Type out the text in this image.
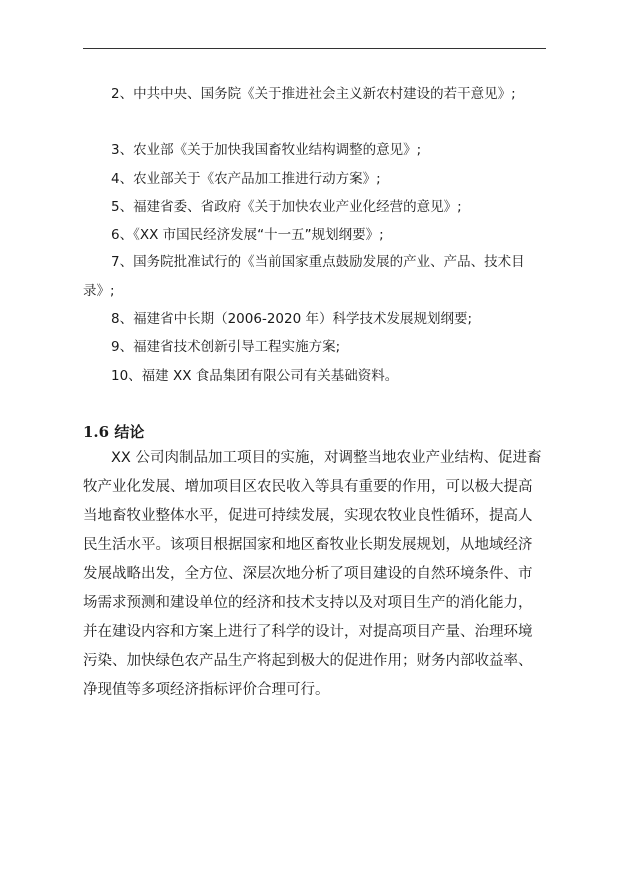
2、中共中央、国务院《关于推进社会主义新农村建设的若干意见》;
3、农业部《关于加快我国畜牧业结构调整的意见》;
4、农业部关于《农产品加工推进行动方案》;
5、福建省委、省政府《关于加快农业产业化经营的意见》;
6、《XX 市国民经济发展“十一五”规划纲要》;
7、国务院批准试行的《当前国家重点鼓励发展的产业、产品、技术目录》;
8、福建省中长期（2006-2020 年）科学技术发展规划纲要;
9、福建省技术创新引导工程实施方案;
10、福建 XX 食品集团有限公司有关基础资料。
1.6 结论
XX 公司肉制品加工项目的实施，对调整当地农业产业结构、促进畜
牧产业化发展、增加项目区农民收入等具有重要的作用，可以极大提高
当地畜牧业整体水平，促进可持续发展，实现农牧业良性循环，提高人
民生活水平。该项目根据国家和地区畜牧业长期发展规划，从地域经济
发展战略出发，全方位、深层次地分析了项目建设的自然环境条件、市
场需求预测和建设单位的经济和技术支持以及对项目生产的消化能力，
并在建设内容和方案上进行了科学的设计，对提高项目产量、治理环境
污染、加快绿色农产品生产将起到极大的促进作用；财务内部收益率、
净现值等多项经济指标评价合理可行。
